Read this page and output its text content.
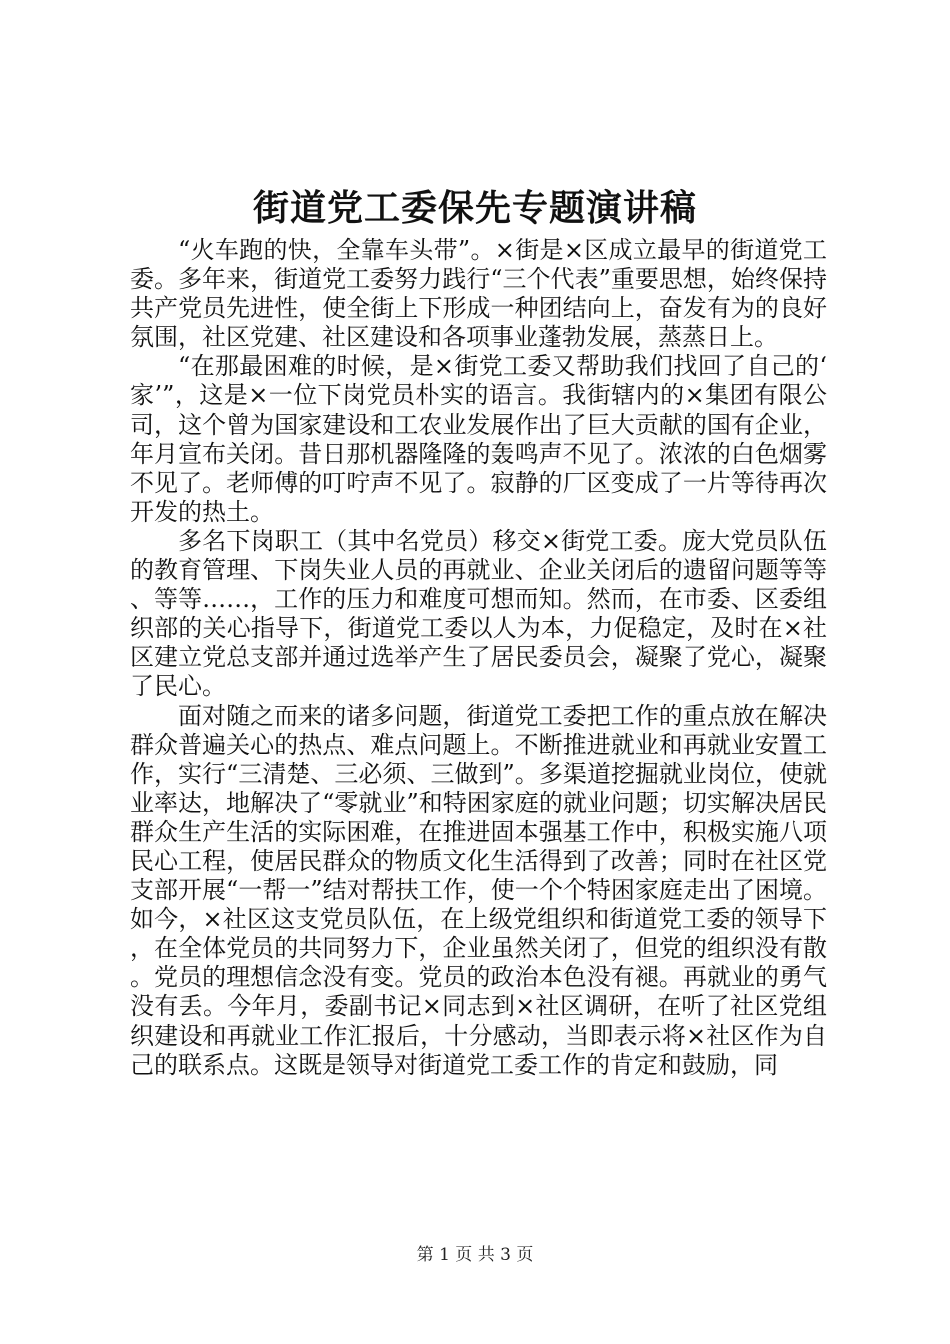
街道党工委保先专题演讲稿

“火车跑的快，全靠车头带”。×街是×区成立最早的街道党工委。多年来，街道党工委努力践行“三个代表”重要思想，始终保持共产党员先进性，使全街上下形成一种团结向上，奋发有为的良好氛围，社区党建、社区建设和各项事业蓬勃发展，蒸蒸日上。

“在那最困难的时候，是×街党工委又帮助我们找回了自己的‘家’”，这是×一位下岗党员朴实的语言。我街辖内的×集团有限公司，这个曾为国家建设和工农业发展作出了巨大贡献的国有企业，年月宣布关闭。昔日那机器隆隆的轰鸣声不见了。浓浓的白色烟雾不见了。老师傅的叮咛声不见了。寂静的厂区变成了一片等待再次开发的热土。

多名下岗职工（其中名党员）移交×街党工委。庞大党员队伍的教育管理、下岗失业人员的再就业、企业关闭后的遗留问题等等、等等……，工作的压力和难度可想而知。然而，在市委、区委组织部的关心指导下，街道党工委以人为本，力促稳定，及时在×社区建立党总支部并通过选举产生了居民委员会，凝聚了党心，凝聚了民心。

面对随之而来的诸多问题，街道党工委把工作的重点放在解决群众普遍关心的热点、难点问题上。不断推进就业和再就业安置工作，实行“三清楚、三必须、三做到”。多渠道挖掘就业岗位，使就业率达，地解决了“零就业”和特困家庭的就业问题；切实解决居民群众生产生活的实际困难，在推进固本强基工作中，积极实施八项民心工程，使居民群众的物质文化生活得到了改善；同时在社区党支部开展“一帮一”结对帮扶工作，使一个个特困家庭走出了困境。如今，×社区这支党员队伍，在上级党组织和街道党工委的领导下，在全体党员的共同努力下，企业虽然关闭了，但党的组织没有散。党员的理想信念没有变。党员的政治本色没有褪。再就业的勇气没有丢。今年月，委副书记×同志到×社区调研，在听了社区党组织建设和再就业工作汇报后，十分感动，当即表示将×社区作为自己的联系点。这既是领导对街道党工委工作的肯定和鼓励，同

第 1 页 共 3 页
